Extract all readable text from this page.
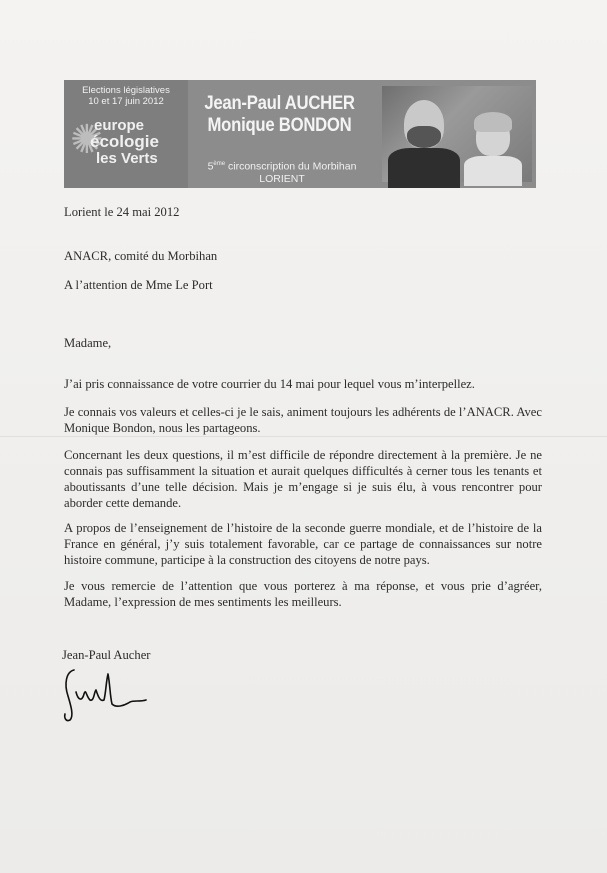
Elections législatives
10 et 17 juin 2012
✺
europe
écologie
les Verts
Jean-Paul AUCHER
Monique BONDON
5ème circonscription du Morbihan
LORIENT
Lorient le 24 mai 2012
ANACR, comité du Morbihan
A l’attention de Mme Le Port
Madame,
J’ai pris connaissance de votre courrier du 14 mai pour lequel vous m’interpellez.
Je connais vos valeurs et celles-ci je le sais, animent toujours les adhérents de l’ANACR. Avec Monique Bondon, nous les partageons.
Concernant les deux questions, il m’est difficile de répondre directement à la première. Je ne connais pas suffisamment la situation et aurait quelques difficultés à cerner tous les tenants et aboutissants d’une telle décision. Mais je m’engage si je suis élu, à vous rencontrer pour aborder cette demande.
A propos de l’enseignement de l’histoire de la seconde guerre mondiale, et de l’histoire de la France en général, j’y suis totalement favorable, car ce partage de connaissances sur notre histoire commune, participe à la construction des citoyens de notre pays.
Je vous remercie de l’attention que vous porterez à ma réponse, et vous prie d’agréer, Madame, l’expression de mes sentiments les meilleurs.
Jean-Paul Aucher
